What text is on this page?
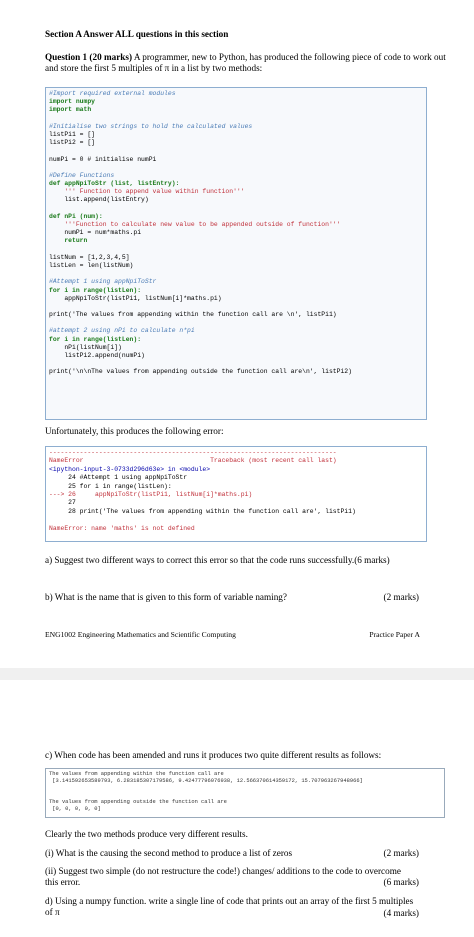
Section A Answer ALL questions in this section
Question 1 (20 marks) A programmer, new to Python, has produced the following piece of code to work out and store the first 5 multiples of π in a list by two methods:
#Import required external modules
import numpy
import math

#Initialise two strings to hold the calculated values
listPi1 = []
listPi2 = []

numPi = 0 # initialise numPi

#Define Functions
def appNpiToStr (list, listEntry):
''' Function to append value within function'''
list.append(listEntry)

def nPi (num):
'''Function to calculate new value to be appended outside of function'''
numPi = num*maths.pi
return

listNum = [1,2,3,4,5]
listLen = len(listNum)

#Attempt 1 using appNpiToStr
for i in range(listLen):
appNpiToStr(listPi1, listNum[i]*maths.pi)

print('The values from appending within the function call are \n', listPi1)

#attempt 2 using nPi to calculate n*pi
for i in range(listLen):
nPi(listNum[i])
listPi2.append(numPi)

print('\n\nThe values from appending outside the function call are\n', listPi2)
Unfortunately, this produces the following error:
---------------------------------------------------------------------------
NameError                                 Traceback (most recent call last)
<ipython-input-3-0733d296d63e> in <module>
24 #Attempt 1 using appNpiToStr
25 for i in range(listLen):
---> 26     appNpiToStr(listPi1, listNum[i]*maths.pi)
27
28 print('The values from appending within the function call are', listPi1)

NameError: name 'maths' is not defined
a) Suggest two different ways to correct this error so that the code runs successfully.(6 marks)
b) What is the name that is given to this form of variable naming?	(2 marks)
ENG1002 Engineering Mathematics and Scientific Computing	Practice Paper A
c) When code has been amended and runs it produces two quite different results as follows:
The values from appending within the function call are
[3.141592653589793, 6.283185307179586, 9.42477796076938, 12.566370614359172, 15.707963267948966]

The values from appending outside the function call are
[0, 0, 0, 0, 0]
Clearly the two methods produce very different results.
(i) What is the causing the second method to produce a list of zeros	(2 marks)
(ii) Suggest two simple (do not restructure the code!) changes/ additions to the code to overcome this error.	(6 marks)
d) Using a numpy function. write a single line of code that prints out an array of the first 5 multiples of π	(4 marks)
